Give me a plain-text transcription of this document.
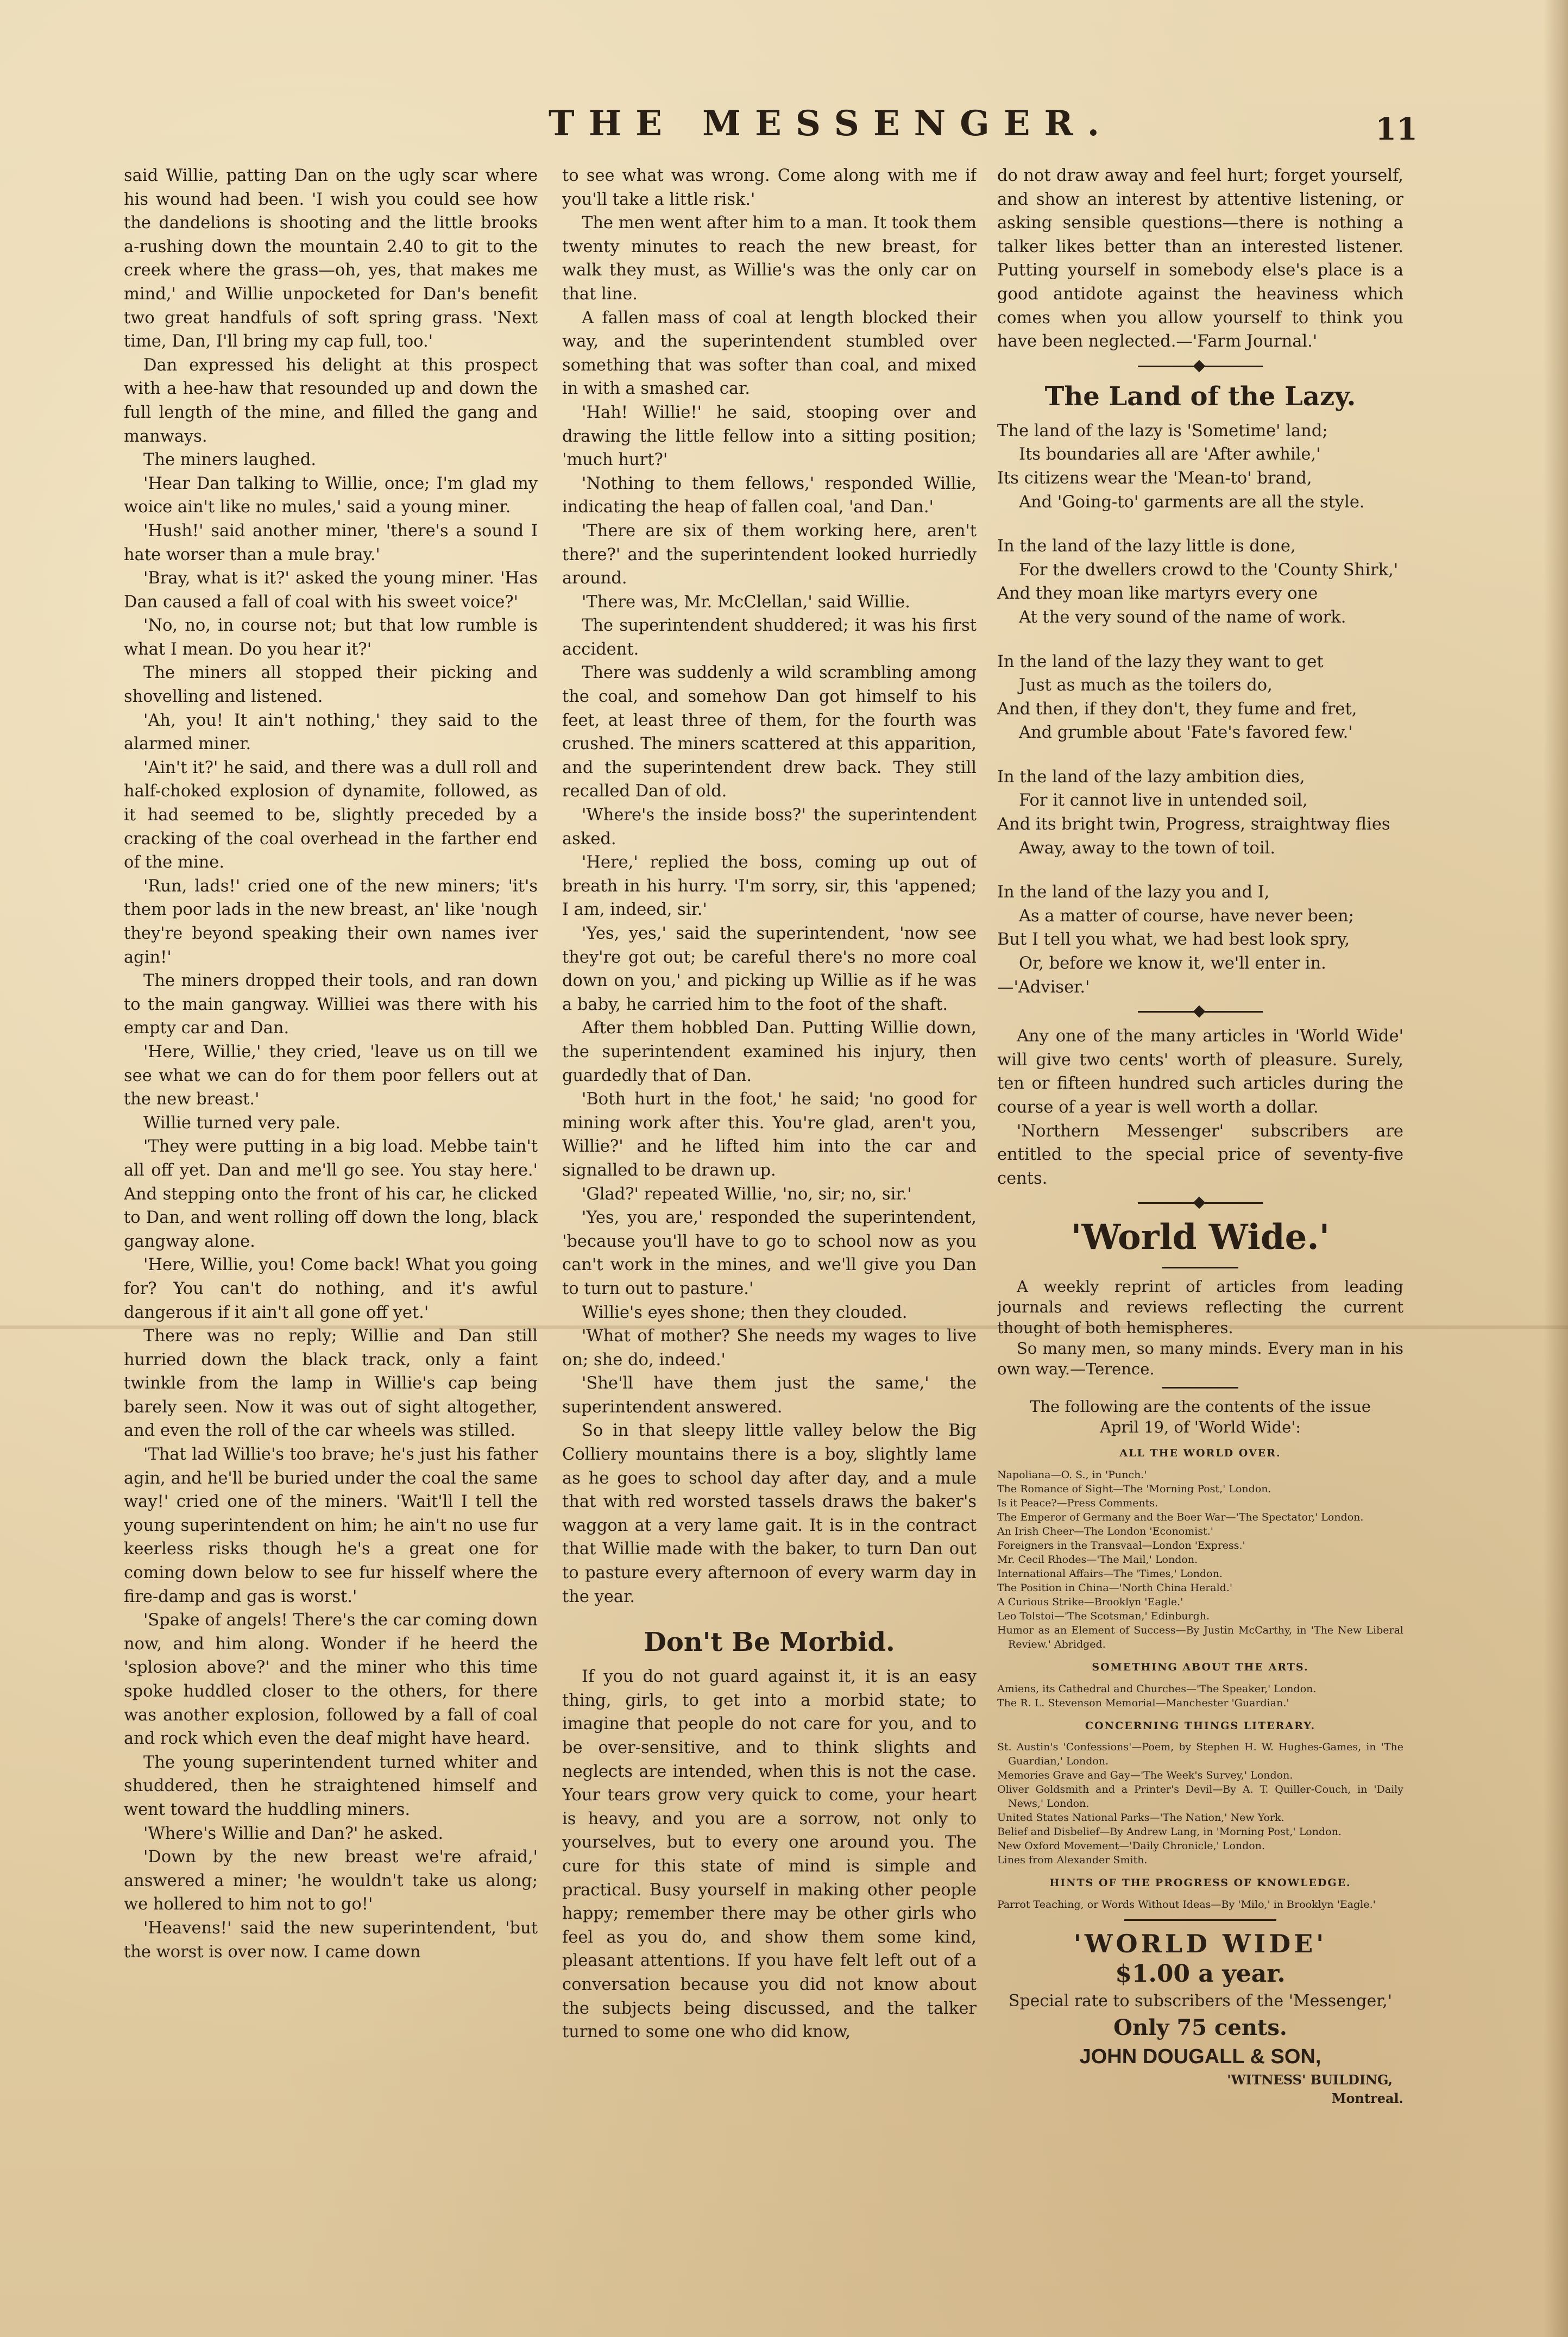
THE MESSENGER.	11

said Willie, patting Dan on the ugly scar where his wound had been. 'I wish you could see how the dandelions is shooting and the little brooks a-rushing down the mountain 2.40 to git to the creek where the grass—oh, yes, that makes me mind,' and Willie unpocketed for Dan's benefit two great handfuls of soft spring grass. 'Next time, Dan, I'll bring my cap full, too.'

Dan expressed his delight at this prospect with a hee-haw that resounded up and down the full length of the mine, and filled the gang and manways.

The miners laughed.

'Hear Dan talking to Willie, once; I'm glad my woice ain't like no mules,' said a young miner.

'Hush!' said another miner, 'there's a sound I hate worser than a mule bray.'

'Bray, what is it?' asked the young miner. 'Has Dan caused a fall of coal with his sweet voice?'

'No, no, in course not; but that low rumble is what I mean. Do you hear it?'

The miners all stopped their picking and shovelling and listened.

'Ah, you! It ain't nothing,' they said to the alarmed miner.

'Ain't it?' he said, and there was a dull roll and half-choked explosion of dynamite, followed, as it had seemed to be, slightly preceded by a cracking of the coal overhead in the farther end of the mine.

'Run, lads!' cried one of the new miners; 'it's them poor lads in the new breast, an' like 'nough they're beyond speaking their own names iver agin!'

The miners dropped their tools, and ran down to the main gangway. Williei was there with his empty car and Dan.

'Here, Willie,' they cried, 'leave us on till we see what we can do for them poor fellers out at the new breast.'

Willie turned very pale.

'They were putting in a big load. Mebbe tain't all off yet. Dan and me'll go see. You stay here.' And stepping onto the front of his car, he clicked to Dan, and went rolling off down the long, black gangway alone.

'Here, Willie, you! Come back! What you going for? You can't do nothing, and it's awful dangerous if it ain't all gone off yet.'

There was no reply; Willie and Dan still hurried down the black track, only a faint twinkle from the lamp in Willie's cap being barely seen. Now it was out of sight altogether, and even the roll of the car wheels was stilled.

'That lad Willie's too brave; he's just his father agin, and he'll be buried under the coal the same way!' cried one of the miners. 'Wait'll I tell the young superintendent on him; he ain't no use fur keerless risks though he's a great one for coming down below to see fur hisself where the fire-damp and gas is worst.'

'Spake of angels! There's the car coming down now, and him along. Wonder if he heerd the 'splosion above?' and the miner who this time spoke huddled closer to the others, for there was another explosion, followed by a fall of coal and rock which even the deaf might have heard.

The young superintendent turned whiter and shuddered, then he straightened himself and went toward the huddling miners.

'Where's Willie and Dan?' he asked.

'Down by the new breast we're afraid,' answered a miner; 'he wouldn't take us along; we hollered to him not to go!'

'Heavens!' said the new superintendent, 'but the worst is over now. I came down

to see what was wrong. Come along with me if you'll take a little risk.'

The men went after him to a man. It took them twenty minutes to reach the new breast, for walk they must, as Willie's was the only car on that line.

A fallen mass of coal at length blocked their way, and the superintendent stumbled over something that was softer than coal, and mixed in with a smashed car.

'Hah! Willie!' he said, stooping over and drawing the little fellow into a sitting position; 'much hurt?'

'Nothing to them fellows,' responded Willie, indicating the heap of fallen coal, 'and Dan.'

'There are six of them working here, aren't there?' and the superintendent looked hurriedly around.

'There was, Mr. McClellan,' said Willie.

The superintendent shuddered; it was his first accident.

There was suddenly a wild scrambling among the coal, and somehow Dan got himself to his feet, at least three of them, for the fourth was crushed. The miners scattered at this apparition, and the superintendent drew back. They still recalled Dan of old.

'Where's the inside boss?' the superintendent asked.

'Here,' replied the boss, coming up out of breath in his hurry. 'I'm sorry, sir, this 'appened; I am, indeed, sir.'

'Yes, yes,' said the superintendent, 'now see they're got out; be careful there's no more coal down on you,' and picking up Willie as if he was a baby, he carried him to the foot of the shaft.

After them hobbled Dan. Putting Willie down, the superintendent examined his injury, then guardedly that of Dan.

'Both hurt in the foot,' he said; 'no good for mining work after this. You're glad, aren't you, Willie?' and he lifted him into the car and signalled to be drawn up.

'Glad?' repeated Willie, 'no, sir; no, sir.'

'Yes, you are,' responded the superintendent, 'because you'll have to go to school now as you can't work in the mines, and we'll give you Dan to turn out to pasture.'

Willie's eyes shone; then they clouded.

'What of mother? She needs my wages to live on; she do, indeed.'

'She'll have them just the same,' the superintendent answered.

So in that sleepy little valley below the Big Colliery mountains there is a boy, slightly lame as he goes to school day after day, and a mule that with red worsted tassels draws the baker's waggon at a very lame gait. It is in the contract that Willie made with the baker, to turn Dan out to pasture every afternoon of every warm day in the year.

Don't Be Morbid.

If you do not guard against it, it is an easy thing, girls, to get into a morbid state; to imagine that people do not care for you, and to be over-sensitive, and to think slights and neglects are intended, when this is not the case. Your tears grow very quick to come, your heart is heavy, and you are a sorrow, not only to yourselves, but to every one around you. The cure for this state of mind is simple and practical. Busy yourself in making other people happy; remember there may be other girls who feel as you do, and show them some kind, pleasant attentions. If you have felt left out of a conversation because you did not know about the subjects being discussed, and the talker turned to some one who did know,

do not draw away and feel hurt; forget yourself, and show an interest by attentive listening, or asking sensible questions—there is nothing a talker likes better than an interested listener. Putting yourself in somebody else's place is a good antidote against the heaviness which comes when you allow yourself to think you have been neglected.—'Farm Journal.'

The Land of the Lazy.
The land of the lazy is 'Sometime' land;
Its boundaries all are 'After awhile,'
Its citizens wear the 'Mean-to' brand,
And 'Going-to' garments are all the style.
In the land of the lazy little is done,
For the dwellers crowd to the 'County Shirk,'
And they moan like martyrs every one
At the very sound of the name of work.
In the land of the lazy they want to get
Just as much as the toilers do,
And then, if they don't, they fume and fret,
And grumble about 'Fate's favored few.'
In the land of the lazy ambition dies,
For it cannot live in untended soil,
And its bright twin, Progress, straightway flies
Away, away to the town of toil.
In the land of the lazy you and I,
As a matter of course, have never been;
But I tell you what, we had best look spry,
Or, before we know it, we'll enter in.
—'Adviser.'

Any one of the many articles in 'World Wide' will give two cents' worth of pleasure. Surely, ten or fifteen hundred such articles during the course of a year is well worth a dollar.

'Northern Messenger' subscribers are entitled to the special price of seventy-five cents.

'World Wide.'

A weekly reprint of articles from leading journals and reviews reflecting the current thought of both hemispheres.

So many men, so many minds. Every man in his own way.—Terence.

The following are the contents of the issue April 19, of 'World Wide':
ALL THE WORLD OVER.

Napoliana—O. S., in 'Punch.'

The Romance of Sight—The 'Morning Post,' London.

Is it Peace?—Press Comments.

The Emperor of Germany and the Boer War—'The Spectator,' London.

An Irish Cheer—The London 'Economist.'

Foreigners in the Transvaal—London 'Express.'

Mr. Cecil Rhodes—'The Mail,' London.

International Affairs—The 'Times,' London.

The Position in China—'North China Herald.'

A Curious Strike—Brooklyn 'Eagle.'

Leo Tolstoi—'The Scotsman,' Edinburgh.

Humor as an Element of Success—By Justin McCarthy, in 'The New Liberal Review.' Abridged.

SOMETHING ABOUT THE ARTS.

Amiens, its Cathedral and Churches—'The Speaker,' London.

The R. L. Stevenson Memorial—Manchester 'Guardian.'

CONCERNING THINGS LITERARY.

St. Austin's 'Confessions'—Poem, by Stephen H. W. Hughes-Games, in 'The Guardian,' London.

Memories Grave and Gay—'The Week's Survey,' London.

Oliver Goldsmith and a Printer's Devil—By A. T. Quiller-Couch, in 'Daily News,' London.

United States National Parks—'The Nation,' New York.

Belief and Disbelief—By Andrew Lang, in 'Morning Post,' London.

New Oxford Movement—'Daily Chronicle,' London.

Lines from Alexander Smith.

HINTS OF THE PROGRESS OF KNOWLEDGE.

Parrot Teaching, or Words Without Ideas—By 'Milo,' in Brooklyn 'Eagle.'

'WORLD WIDE'
$1.00 a year.
Special rate to subscribers of the 'Messenger,'
Only 75 cents.
JOHN DOUGALL & SON,
'WITNESS' BUILDING,
Montreal.
